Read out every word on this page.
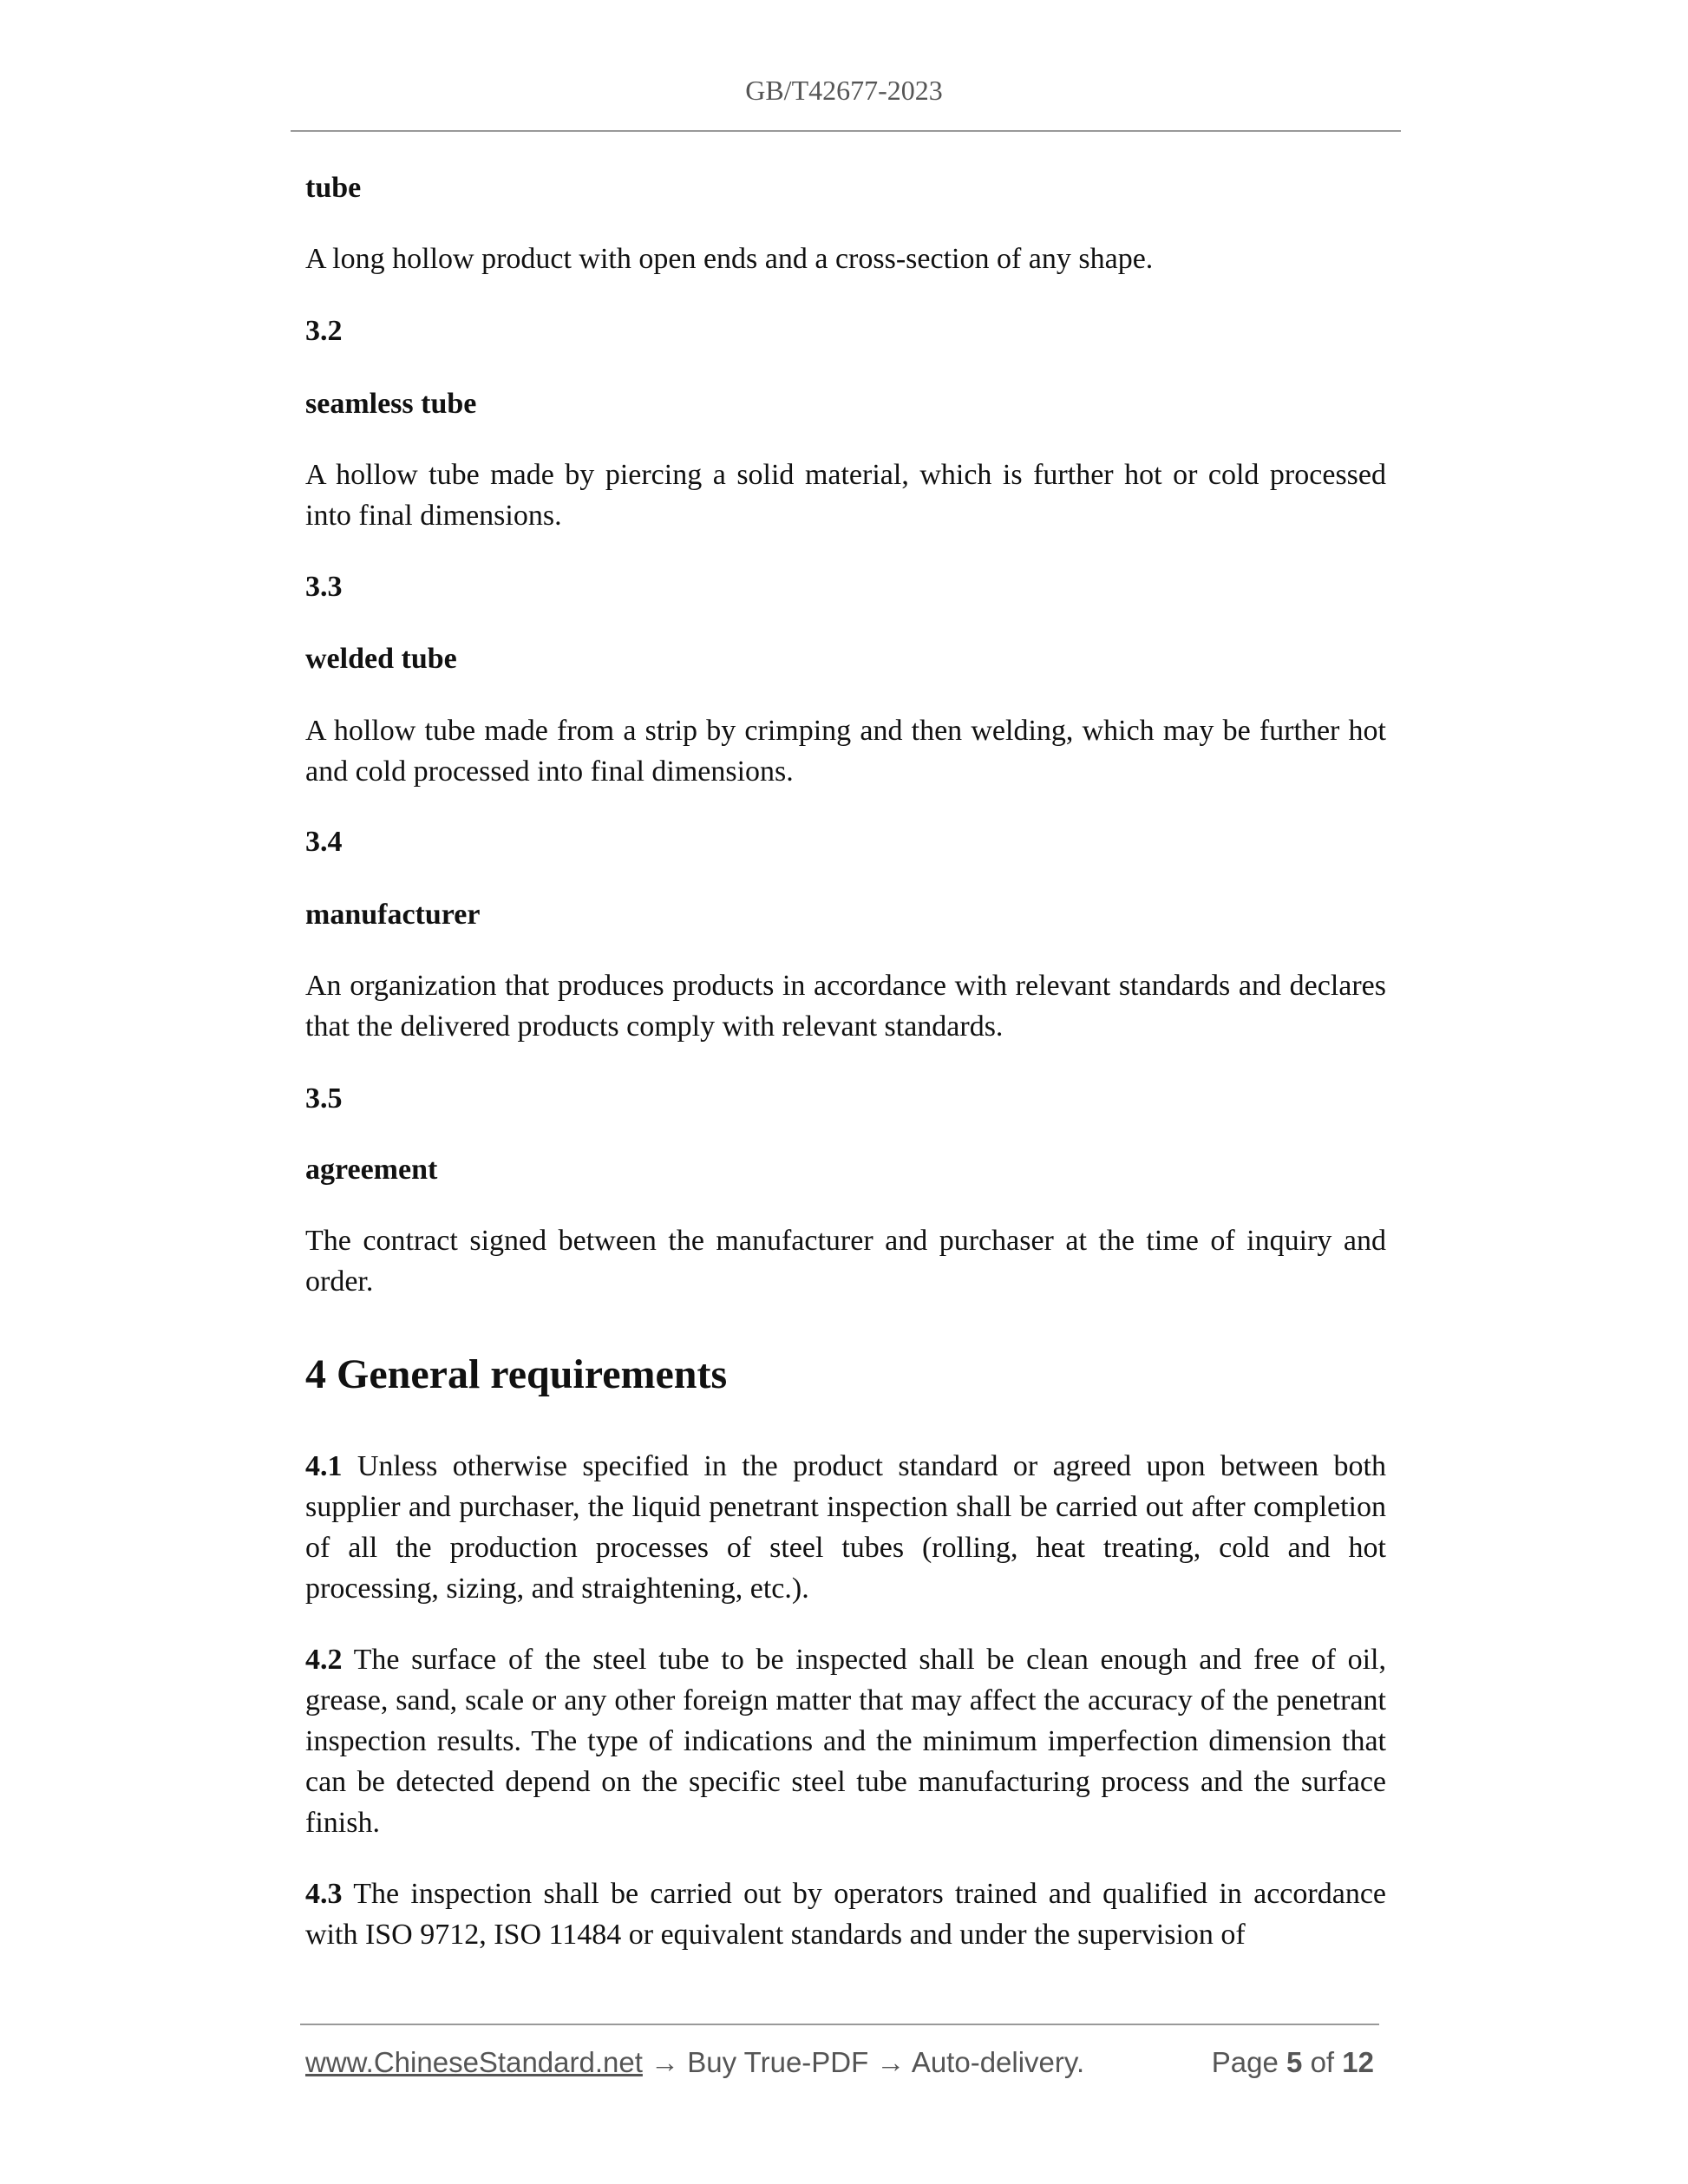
GB/T42677-2023

tube

A long hollow product with open ends and a cross-section of any shape.

3.2

seamless tube

A hollow tube made by piercing a solid material, which is further hot or cold processed into final dimensions.

3.3

welded tube

A hollow tube made from a strip by crimping and then welding, which may be further hot and cold processed into final dimensions.

3.4

manufacturer

An organization that produces products in accordance with relevant standards and declares that the delivered products comply with relevant standards.

3.5

agreement

The contract signed between the manufacturer and purchaser at the time of inquiry and order.

4 General requirements

4.1 Unless otherwise specified in the product standard or agreed upon between both supplier and purchaser, the liquid penetrant inspection shall be carried out after completion of all the production processes of steel tubes (rolling, heat treating, cold and hot processing, sizing, and straightening, etc.).

4.2 The surface of the steel tube to be inspected shall be clean enough and free of oil, grease, sand, scale or any other foreign matter that may affect the accuracy of the penetrant inspection results. The type of indications and the minimum imperfection dimension that can be detected depend on the specific steel tube manufacturing process and the surface finish.

4.3 The inspection shall be carried out by operators trained and qualified in accordance with ISO 9712, ISO 11484 or equivalent standards and under the supervision of

www.ChineseStandard.net → Buy True-PDF → Auto-delivery.	Page 5 of 12
